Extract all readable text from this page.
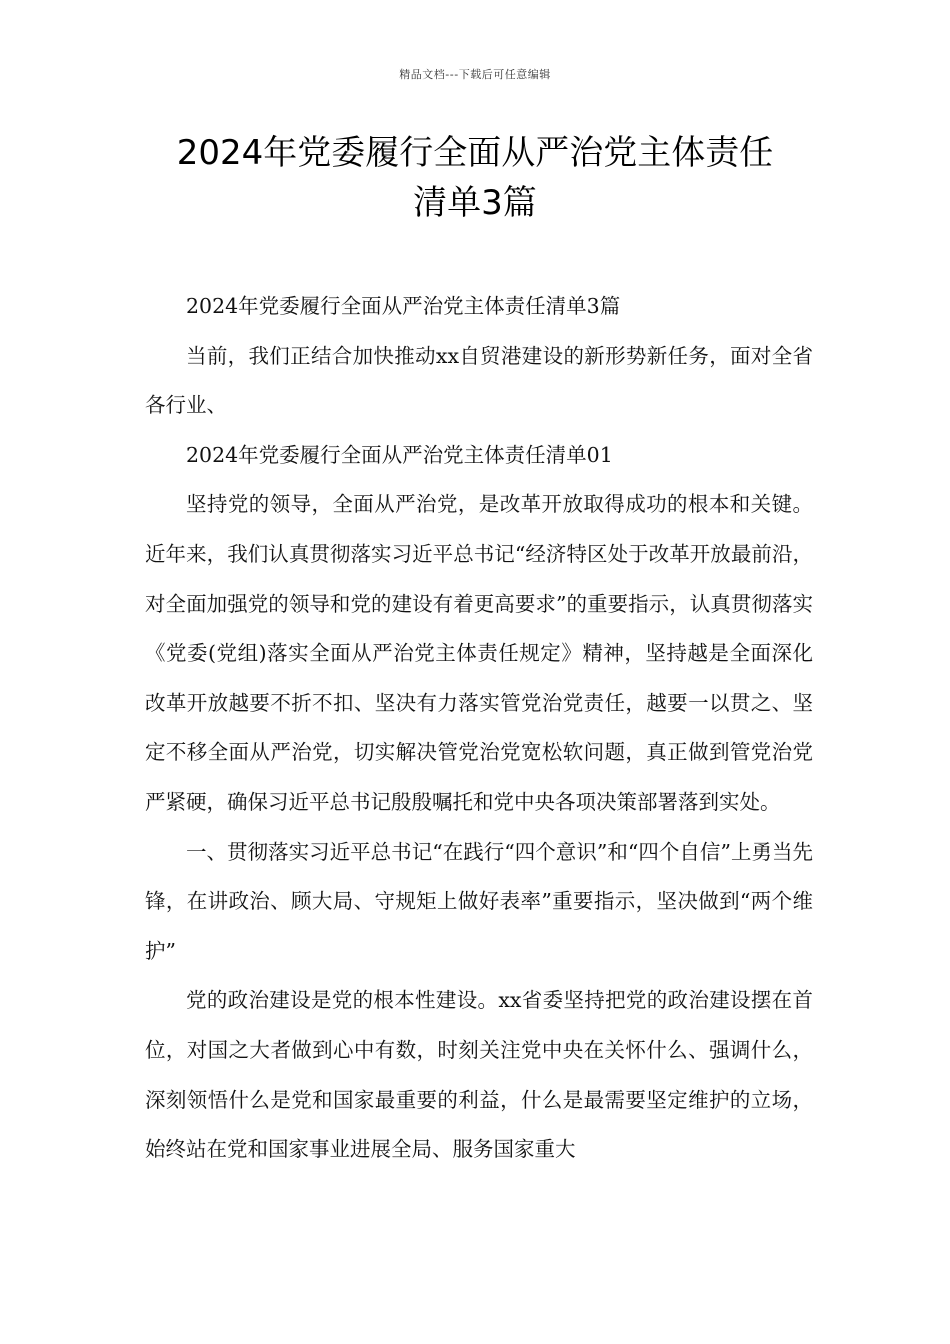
精品文档---下载后可任意编辑
2024年党委履行全面从严治党主体责任
清单3篇

2024年党委履行全面从严治党主体责任清单3篇

当前，我们正结合加快推动xx自贸港建设的新形势新任务，面对全省各行业、

2024年党委履行全面从严治党主体责任清单01

坚持党的领导，全面从严治党，是改革开放取得成功的根本和关键。近年来，我们认真贯彻落实习近平总书记“经济特区处于改革开放最前沿，对全面加强党的领导和党的建设有着更高要求”的重要指示，认真贯彻落实《党委(党组)落实全面从严治党主体责任规定》精神，坚持越是全面深化改革开放越要不折不扣、坚决有力落实管党治党责任，越要一以贯之、坚定不移全面从严治党，切实解决管党治党宽松软问题，真正做到管党治党严紧硬，确保习近平总书记殷殷嘱托和党中央各项决策部署落到实处。

一、贯彻落实习近平总书记“在践行“四个意识”和“四个自信”上勇当先锋，在讲政治、顾大局、守规矩上做好表率”重要指示，坚决做到“两个维护”

党的政治建设是党的根本性建设。xx省委坚持把党的政治建设摆在首位，对国之大者做到心中有数，时刻关注党中央在关怀什么、强调什么，深刻领悟什么是党和国家最重要的利益，什么是最需要坚定维护的立场，始终站在党和国家事业进展全局、服务国家重大
